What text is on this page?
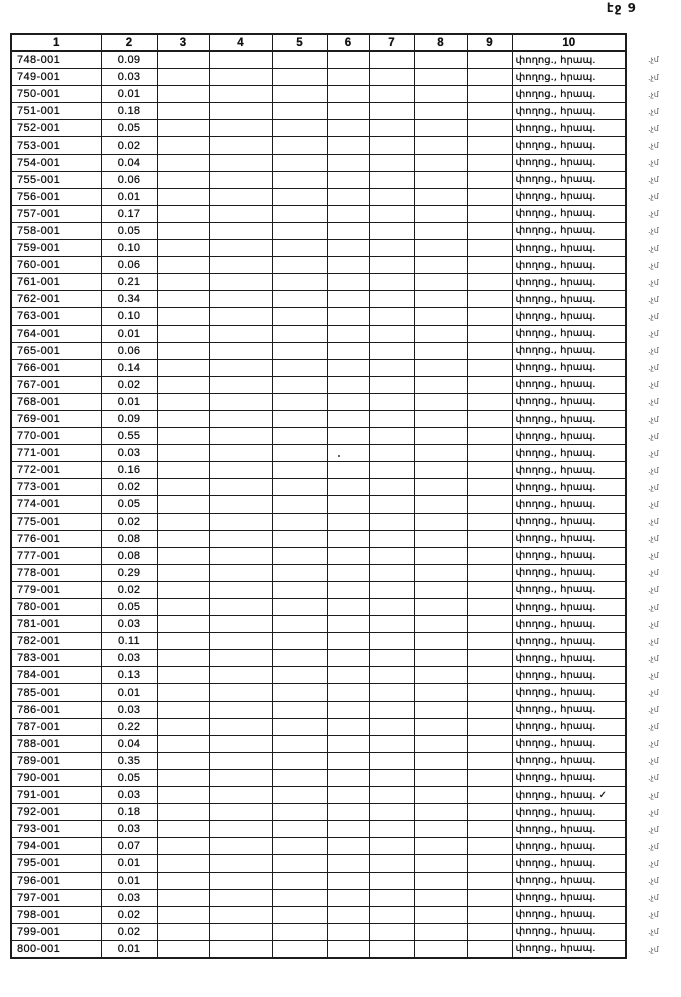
էջ 9
1	2	3	4	5	6	7	8	9	10	
748-001	0.09								փողոց., հրապ.	.չմ
749-001	0.03								փողոց., հրապ.	.չմ
750-001	0.01								փողոց., հրապ.	.չմ
751-001	0.18								փողոց., հրապ.	.չմ
752-001	0.05								փողոց., հրապ.	.չմ
753-001	0.02								փողոց., հրապ.	.չմ
754-001	0.04								փողոց., հրապ.	.չմ
755-001	0.06								փողոց., հրապ.	.չմ
756-001	0.01								փողոց., հրապ.	.չմ
757-001	0.17								փողոց., հրապ.	.չմ
758-001	0.05								փողոց., հրապ.	.չմ
759-001	0.10								փողոց., հրապ.	.չմ
760-001	0.06								փողոց., հրապ.	.չմ
761-001	0.21								փողոց., հրապ.	.չմ
762-001	0.34								փողոց., հրապ.	.չմ
763-001	0.10								փողոց., հրապ.	.չմ
764-001	0.01								փողոց., հրապ.	.չմ
765-001	0.06								փողոց., հրապ.	.չմ
766-001	0.14								փողոց., հրապ.	.չմ
767-001	0.02								փողոց., հրապ.	.չմ
768-001	0.01								փողոց., հրապ.	.չմ
769-001	0.09								փողոց., հրապ.	.չմ
770-001	0.55								փողոց., հրապ.	.չմ
771-001	0.03								փողոց., հրապ.	.չմ
772-001	0.16								փողոց., հրապ.	.չմ
773-001	0.02								փողոց., հրապ.	.չմ
774-001	0.05								փողոց., հրապ.	.չմ
775-001	0.02								փողոց., հրապ.	.չմ
776-001	0.08								փողոց., հրապ.	.չմ
777-001	0.08								փողոց., հրապ.	.չմ
778-001	0.29								փողոց., հրապ.	.չմ
779-001	0.02								փողոց., հրապ.	.չմ
780-001	0.05								փողոց., հրապ.	.չմ
781-001	0.03								փողոց., հրապ.	.չմ
782-001	0.11								փողոց., հրապ.	.չմ
783-001	0.03								փողոց., հրապ.	.չմ
784-001	0.13								փողոց., հրապ.	.չմ
785-001	0.01								փողոց., հրապ.	.չմ
786-001	0.03								փողոց., հրապ.	.չմ
787-001	0.22								փողոց., հրապ.	.չմ
788-001	0.04								փողոց., հրապ.	.չմ
789-001	0.35								փողոց., հրապ.	.չմ
790-001	0.05								փողոց., հրապ.	.չմ
791-001	0.03								փողոց., հրապ. ✓	.չմ
792-001	0.18								փողոց., հրապ.	.չմ
793-001	0.03								փողոց., հրապ.	.չմ
794-001	0.07								փողոց., հրապ.	.չմ
795-001	0.01								փողոց., հրապ.	.չմ
796-001	0.01								փողոց., հրապ.	.չմ
797-001	0.03								փողոց., հրապ.	.չմ
798-001	0.02								փողոց., հրապ.	.չմ
799-001	0.02								փողոց., հրապ.	.չմ
800-001	0.01								փողոց., հրապ.	.չմ
